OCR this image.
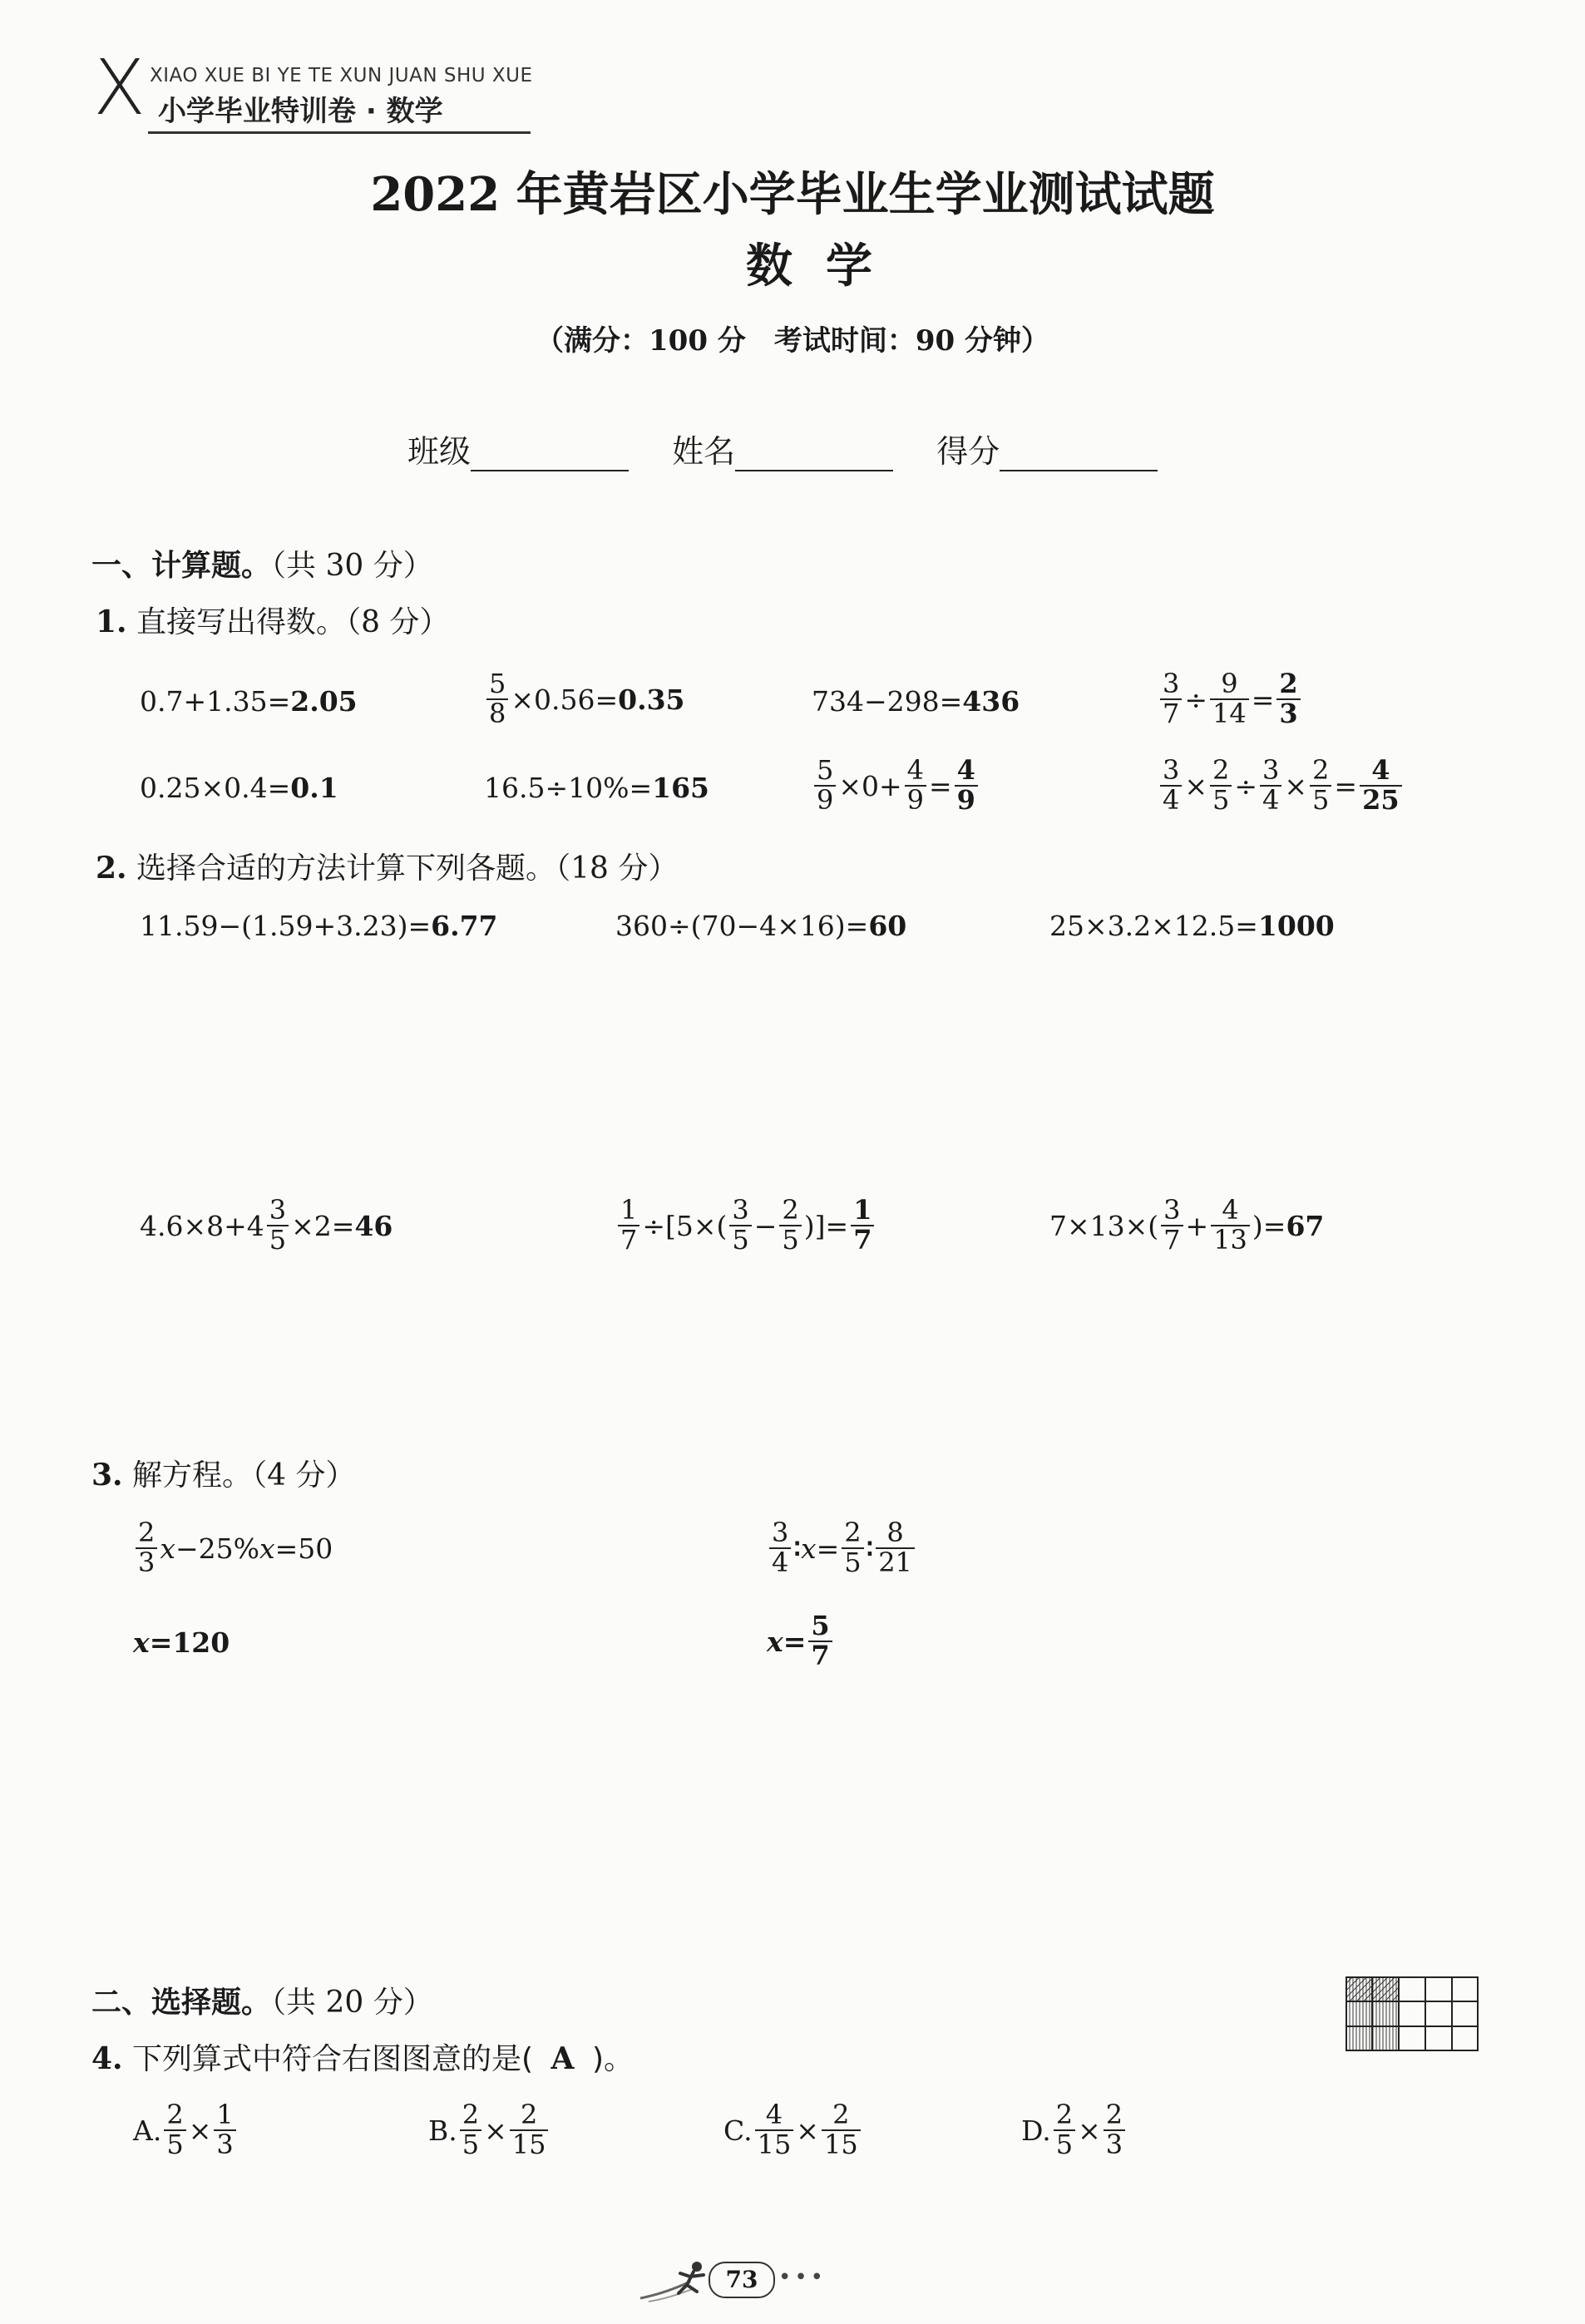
X XIAO XUE BI YE TE XUN JUAN SHU XUE
小学毕业特训卷 · 数学
2022 年黄岩区小学毕业生学业测试试题
数学
（满分：100 分　考试时间：90 分钟）
班级	姓名	得分
一、计算题。（共 30 分）
1. 直接写出得数。（8 分）
0.7+1.35= 2.05	$\frac{5}{8} \times 0.56= 0.35$	734−298= 436	$\frac{3}{7} \div \frac{9}{14} = \frac{2}{3}$
0.25×0.4= 0.1	16.5÷10%= 165	$\frac{5}{9} \times 0+ \frac{4}{9} = \frac{4}{9}$	$\frac{3}{4} \times \frac{2}{5} \div \frac{3}{4} \times \frac{2}{5} = \frac{4}{25}$
2. 选择合适的方法计算下列各题。（18 分）
11.59−(1.59+3.23)= 6.77	360÷(70−4×16)= 60	25×3.2×12.5= 1000
$4.6\times 8+4 \frac{3}{5} \times 2= 46$	$\frac{1}{7} \div[5\times( \frac{3}{5} - \frac{2}{5}$ )]= $\frac{1}{7}$	$7\times 13\times( \frac{3}{7} + \frac{4}{13}$ )= 67
3. 解方程。（4 分）
$\frac{2}{3}$ x −25% x =50	$\frac{3}{4}$ ∶ $x = \frac{2}{5}$ ∶ $\frac{8}{21}$
x = 120	$x = \frac{5}{7}$
二、选择题。（共 20 分）
4. 下列算式中符合右图图意的是( A )。
A. $\frac{2}{5} \times \frac{1}{3}$	B. $\frac{2}{5} \times \frac{2}{15}$	C. $\frac{4}{15} \times \frac{2}{15}$	D. $\frac{2}{5} \times \frac{2}{3}$
73 •••
